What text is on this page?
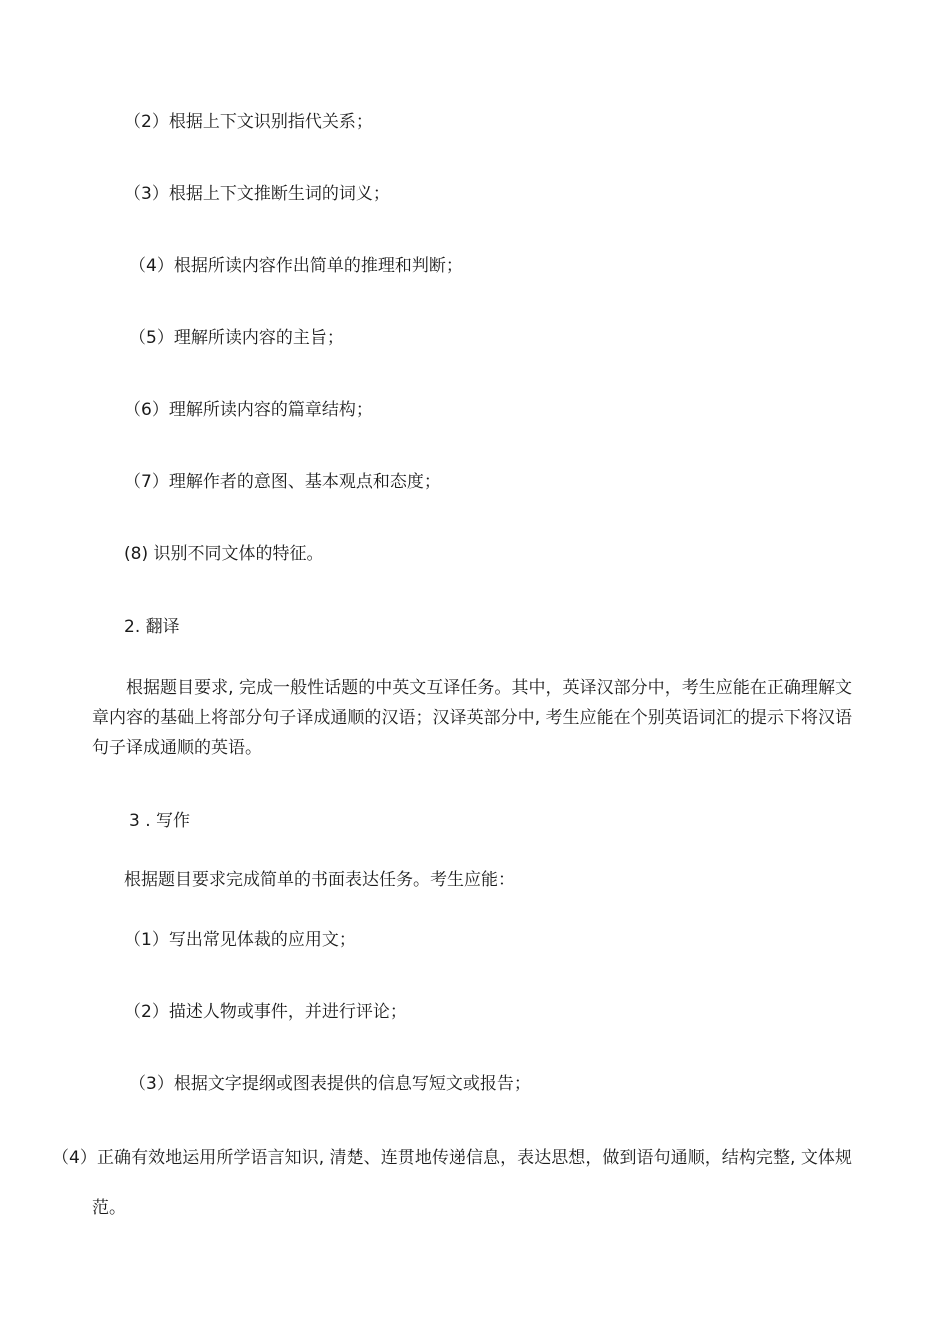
（2）根据上下文识别指代关系；

（3）根据上下文推断生词的词义；

（4）根据所读内容作出简单的推理和判断；

（5）理解所读内容的主旨；

（6）理解所读内容的篇章结构；

（7）理解作者的意图、基本观点和态度；

(8) 识别不同文体的特征。

2. 翻译

根据题目要求, 完成一般性话题的中英文互译任务。其中，英译汉部分中，考生应能在正确理解文章内容的基础上将部分句子译成通顺的汉语；汉译英部分中, 考生应能在个别英语词汇的提示下将汉语句子译成通顺的英语。

3 . 写作

根据题目要求完成简单的书面表达任务。考生应能：

（1）写出常见体裁的应用文；

（2）描述人物或事件，并进行评论；

（3）根据文字提纲或图表提供的信息写短文或报告；

（4）正确有效地运用所学语言知识, 清楚、连贯地传递信息，表达思想，做到语句通顺，结构完整, 文体规范。
